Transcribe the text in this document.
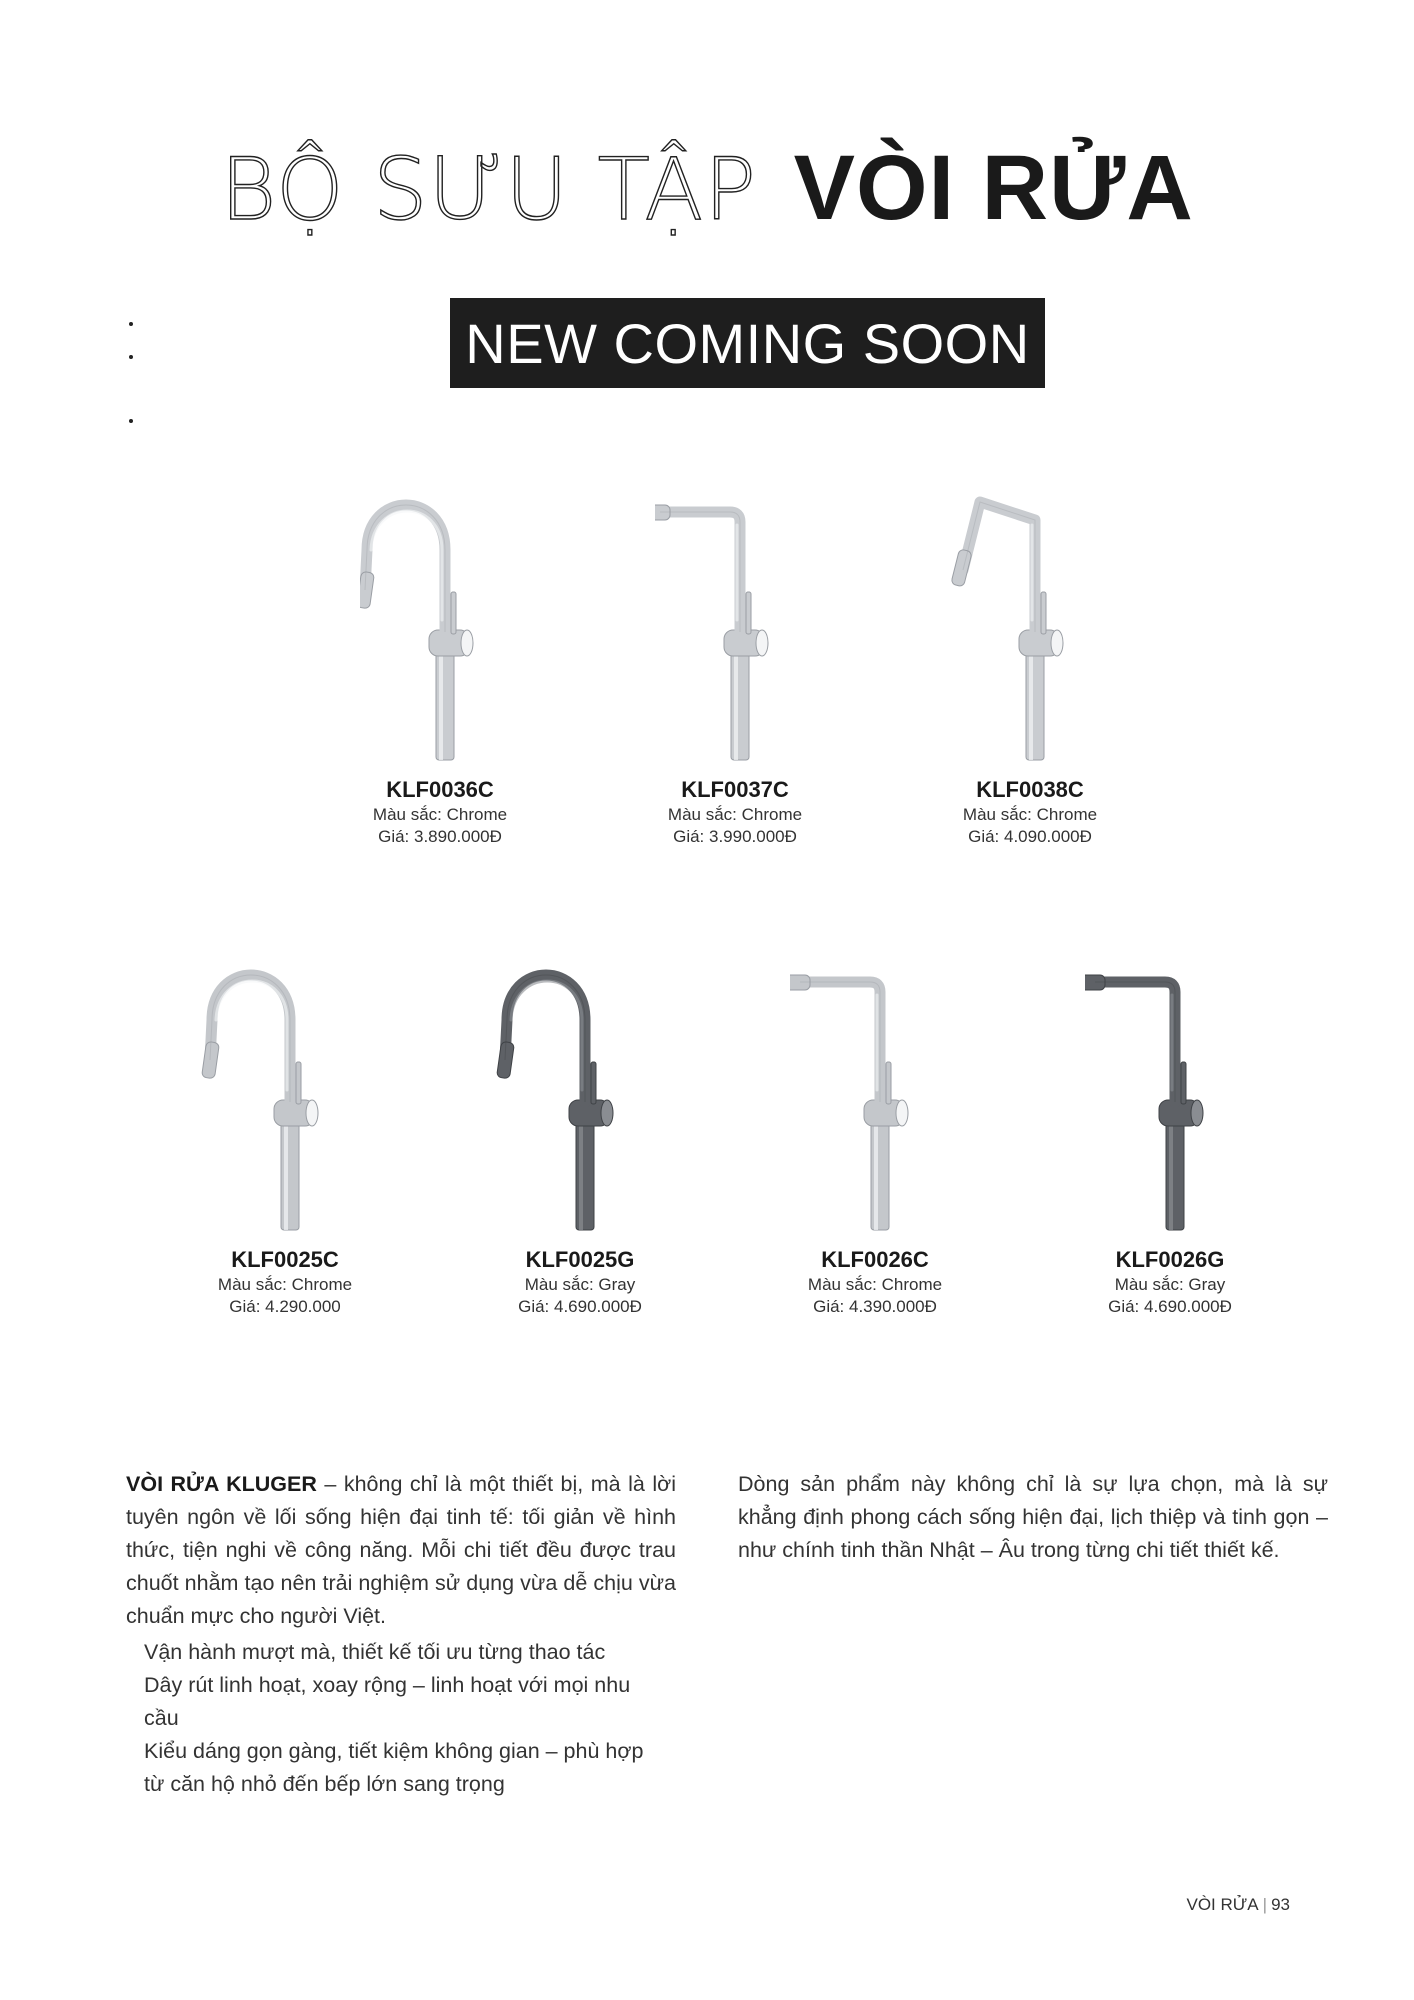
BỘ SƯU TẬP VÒI RỬA
NEW COMING SOON
KLF0036C
Màu sắc: Chrome
Giá: 3.890.000Đ
KLF0037C
Màu sắc: Chrome
Giá: 3.990.000Đ
KLF0038C
Màu sắc: Chrome
Giá: 4.090.000Đ
KLF0025C
Màu sắc: Chrome
Giá: 4.290.000
KLF0025G
Màu sắc: Gray
Giá: 4.690.000Đ
KLF0026C
Màu sắc: Chrome
Giá: 4.390.000Đ
KLF0026G
Màu sắc: Gray
Giá: 4.690.000Đ
VÒI RỬA KLUGER – không chỉ là một thiết bị, mà là lời tuyên ngôn về lối sống hiện đại tinh tế: tối giản về hình thức, tiện nghi về công năng. Mỗi chi tiết đều được trau chuốt nhằm tạo nên trải nghiệm sử dụng vừa dễ chịu vừa chuẩn mực cho người Việt.
Vận hành mượt mà, thiết kế tối ưu từng thao tác
Dây rút linh hoạt, xoay rộng – linh hoạt với mọi nhu cầu
Kiểu dáng gọn gàng, tiết kiệm không gian – phù hợp từ căn hộ nhỏ đến bếp lớn sang trọng
Dòng sản phẩm này không chỉ là sự lựa chọn, mà là sự khẳng định phong cách sống hiện đại, lịch thiệp và tinh gọn – như chính tinh thần Nhật – Âu trong từng chi tiết thiết kế.
VÒI RỬA | 93
